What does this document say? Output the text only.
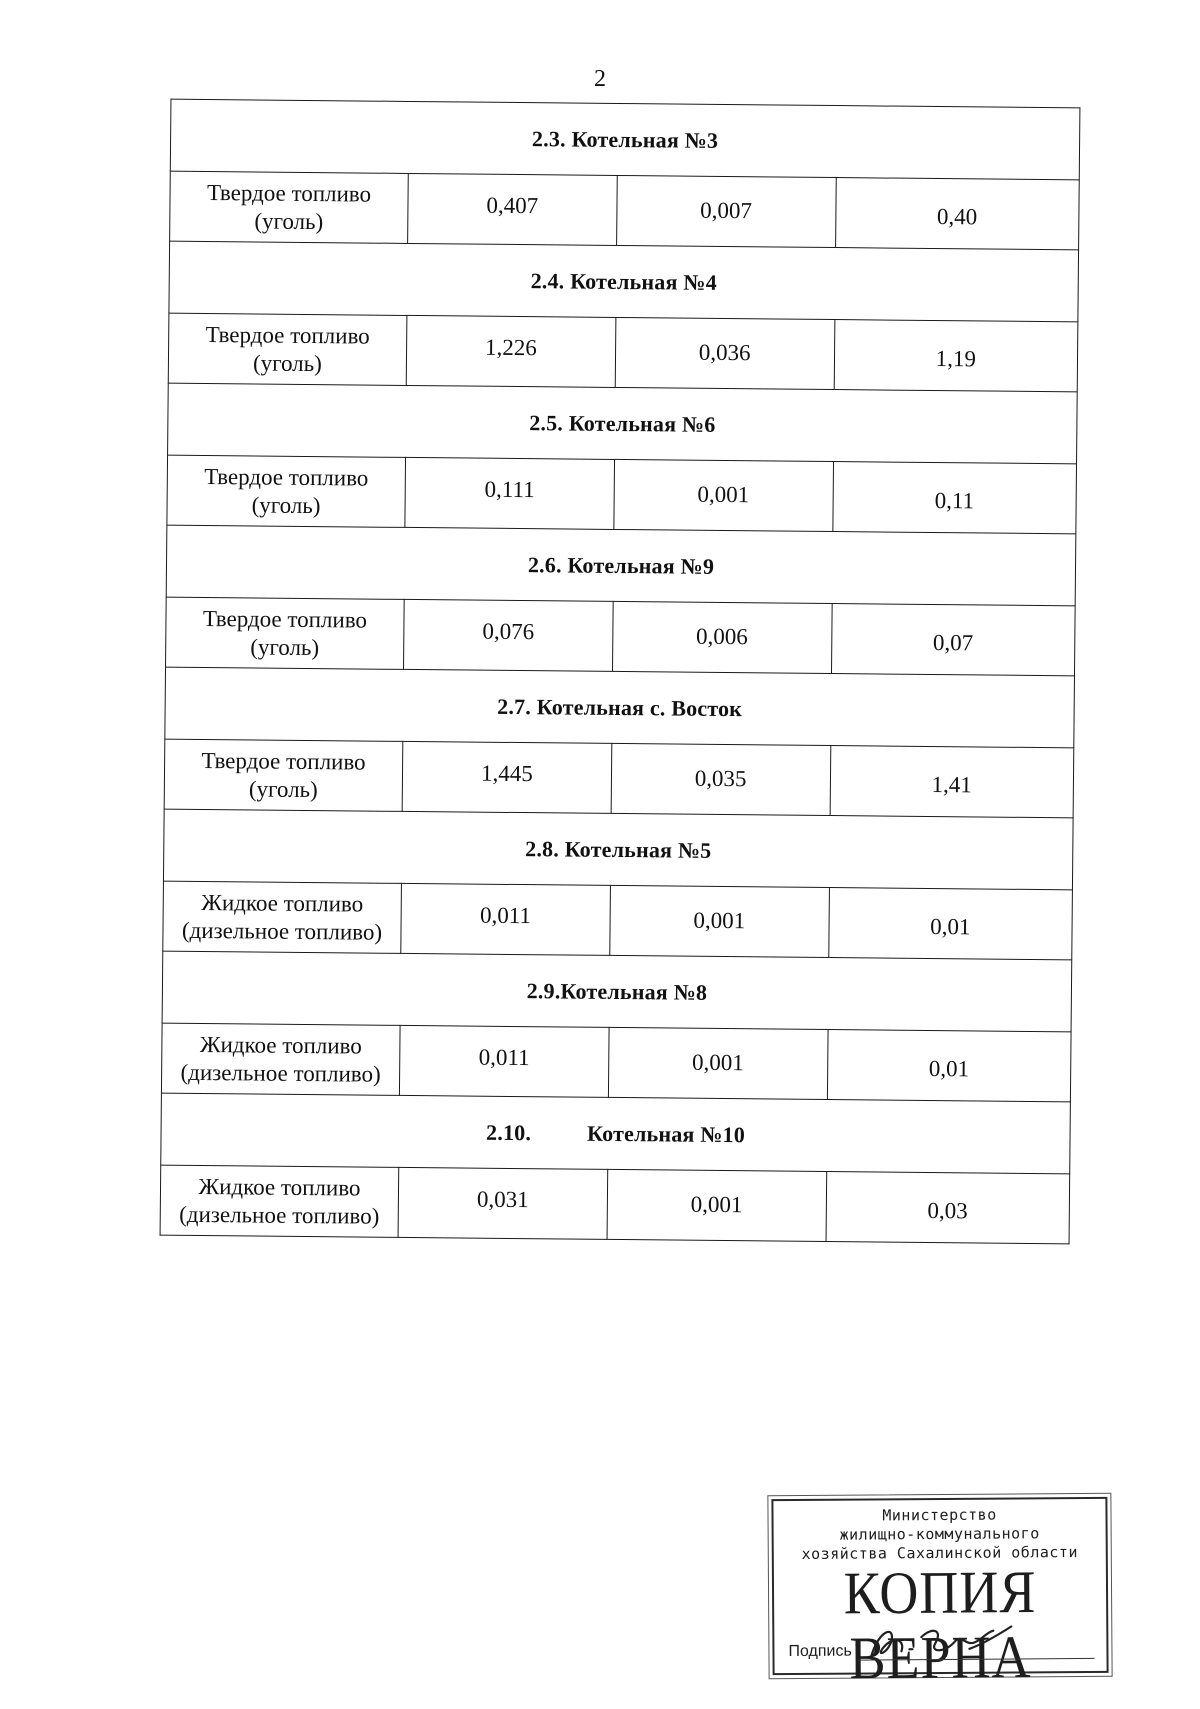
2
2.3. Котельная №3			
Твердое топливо
(уголь)	0,407	0,007	0,40
2.4. Котельная №4			
Твердое топливо
(уголь)	1,226	0,036	1,19
2.5. Котельная №6			
Твердое топливо
(уголь)	0,111	0,001	0,11
2.6. Котельная №9			
Твердое топливо
(уголь)	0,076	0,006	0,07
2.7. Котельная с. Восток			
Твердое топливо
(уголь)	1,445	0,035	1,41
2.8. Котельная №5			
Жидкое топливо
(дизельное топливо)	0,011	0,001	0,01
2.9.Котельная №8			
Жидкое топливо
(дизельное топливо)	0,011	0,001	0,01
2.10. Котельная №10			
Жидкое топливо
(дизельное топливо)	0,031	0,001	0,03
Министерство
жилищно-коммунального
хозяйства Сахалинской области
КОПИЯ ВЕРНА
Подпись
